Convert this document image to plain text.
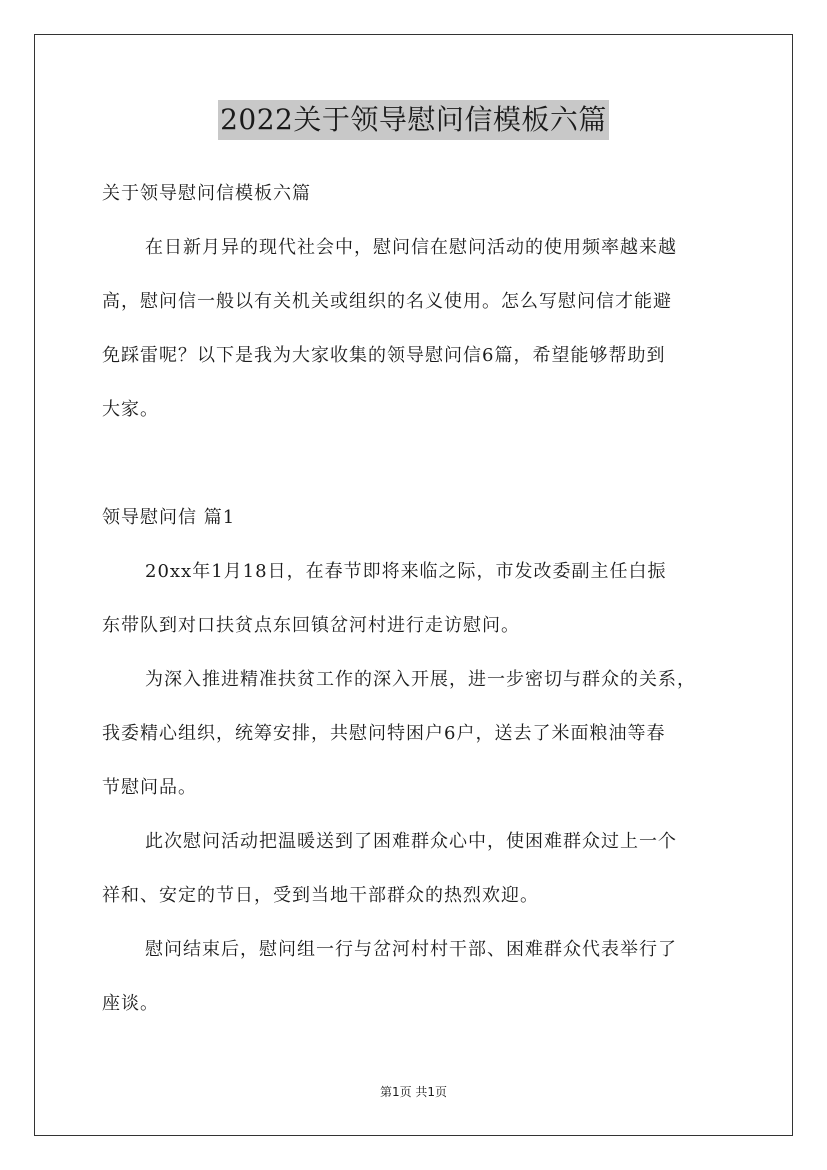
2022关于领导慰问信模板六篇
关于领导慰问信模板六篇
在日新月异的现代社会中，慰问信在慰问活动的使用频率越来越
高，慰问信一般以有关机关或组织的名义使用。怎么写慰问信才能避
免踩雷呢？以下是我为大家收集的领导慰问信6篇，希望能够帮助到
大家。
领导慰问信 篇1
20xx年1月18日，在春节即将来临之际，市发改委副主任白振
东带队到对口扶贫点东回镇岔河村进行走访慰问。
为深入推进精准扶贫工作的深入开展，进一步密切与群众的关系，
我委精心组织，统筹安排，共慰问特困户6户，送去了米面粮油等春
节慰问品。
此次慰问活动把温暖送到了困难群众心中，使困难群众过上一个
祥和、安定的节日，受到当地干部群众的热烈欢迎。
慰问结束后，慰问组一行与岔河村村干部、困难群众代表举行了
座谈。
第1页 共1页
